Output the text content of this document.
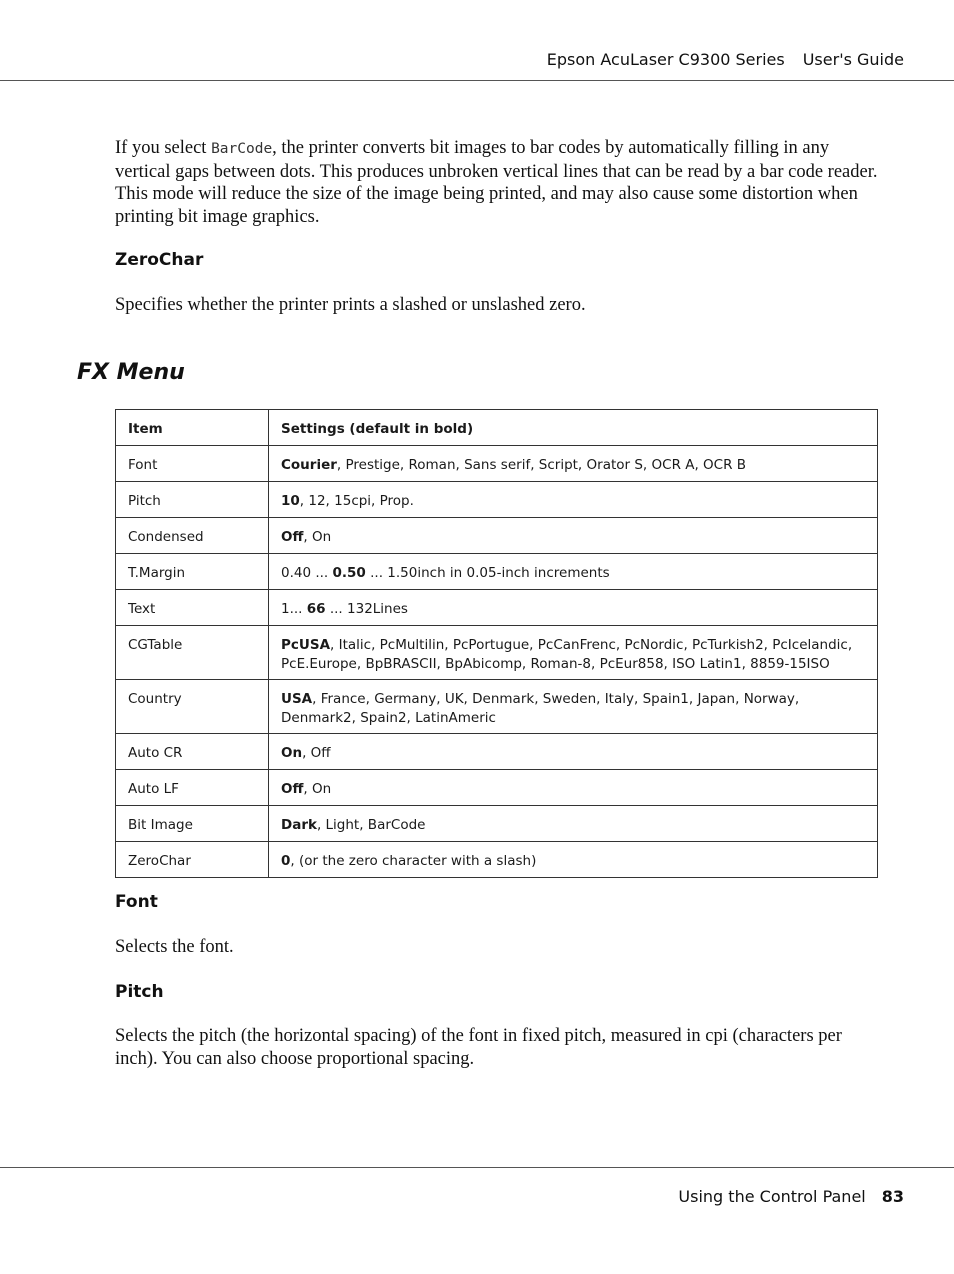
Epson AcuLaser C9300 Series User's Guide

If you select BarCode, the printer converts bit images to bar codes by automatically filling in any vertical gaps between dots. This produces unbroken vertical lines that can be read by a bar code reader. This mode will reduce the size of the image being printed, and may also cause some distortion when printing bit image graphics.

ZeroChar

Specifies whether the printer prints a slashed or unslashed zero.

FX Menu
Item	Settings (default in bold)
Font	Courier, Prestige, Roman, Sans serif, Script, Orator S, OCR A, OCR B
Pitch	10, 12, 15cpi, Prop.
Condensed	Off, On
T.Margin	0.40 ... 0.50 ... 1.50inch in 0.05-inch increments
Text	1... 66 ... 132Lines
CGTable	PcUSA, Italic, PcMultilin, PcPortugue, PcCanFrenc, PcNordic, PcTurkish2, PcIcelandic, PcE.Europe, BpBRASCII, BpAbicomp, Roman-8, PcEur858, ISO Latin1, 8859-15ISO
Country	USA, France, Germany, UK, Denmark, Sweden, Italy, Spain1, Japan, Norway, Denmark2, Spain2, LatinAmeric
Auto CR	On, Off
Auto LF	Off, On
Bit Image	Dark, Light, BarCode
ZeroChar	0, (or the zero character with a slash)
Font

Selects the font.

Pitch

Selects the pitch (the horizontal spacing) of the font in fixed pitch, measured in cpi (characters per inch). You can also choose proportional spacing.

Using the Control Panel 83
